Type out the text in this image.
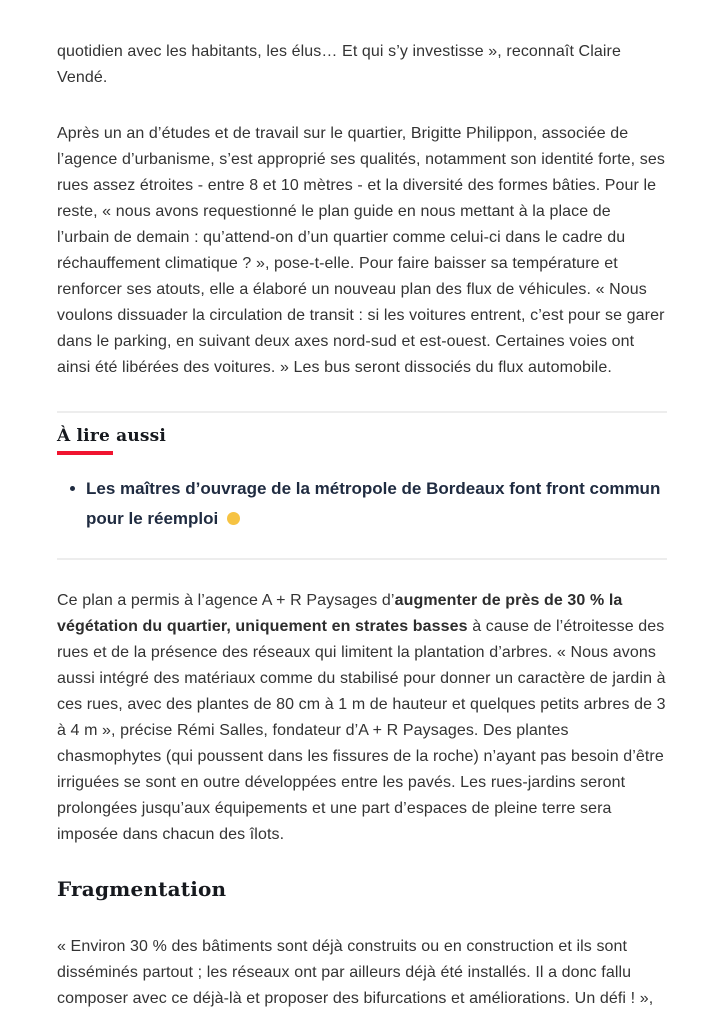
quotidien avec les habitants, les élus… Et qui s’y investisse », reconnaît Claire Vendé.

Après un an d’études et de travail sur le quartier, Brigitte Philippon, associée de l’agence d’urbanisme, s’est approprié ses qualités, notamment son identité forte, ses rues assez étroites - entre 8 et 10 mètres - et la diversité des formes bâties. Pour le reste, « nous avons requestionné le plan guide en nous mettant à la place de l’urbain de demain : qu’attend-on d’un quartier comme celui-ci dans le cadre du réchauffement climatique ? », pose-t-elle. Pour faire baisser sa température et renforcer ses atouts, elle a élaboré un nouveau plan des flux de véhicules. « Nous voulons dissuader la circulation de transit : si les voitures entrent, c’est pour se garer dans le parking, en suivant deux axes nord-sud et est-ouest. Certaines voies ont ainsi été libérées des voitures. » Les bus seront dissociés du flux automobile.

À lire aussi
Les maîtres d’ouvrage de la métropole de Bordeaux font front commun pour le réemploi

Ce plan a permis à l’agence A + R Paysages d’augmenter de près de 30 % la végétation du quartier, uniquement en strates basses à cause de l’étroitesse des rues et de la présence des réseaux qui limitent la plantation d’arbres. « Nous avons aussi intégré des matériaux comme du stabilisé pour donner un caractère de jardin à ces rues, avec des plantes de 80 cm à 1 m de hauteur et quelques petits arbres de 3 à 4 m », précise Rémi Salles, fondateur d’A + R Paysages. Des plantes chasmophytes (qui poussent dans les fissures de la roche) n’ayant pas besoin d’être irriguées se sont en outre développées entre les pavés. Les rues-jardins seront prolongées jusqu’aux équipements et une part d’espaces de pleine terre sera imposée dans chacun des îlots.

Fragmentation

« Environ 30 % des bâtiments sont déjà construits ou en construction et ils sont disséminés partout ; les réseaux ont par ailleurs déjà été installés. Il a donc fallu composer avec ce déjà-là et proposer des bifurcations et améliorations. Un défi ! »,
